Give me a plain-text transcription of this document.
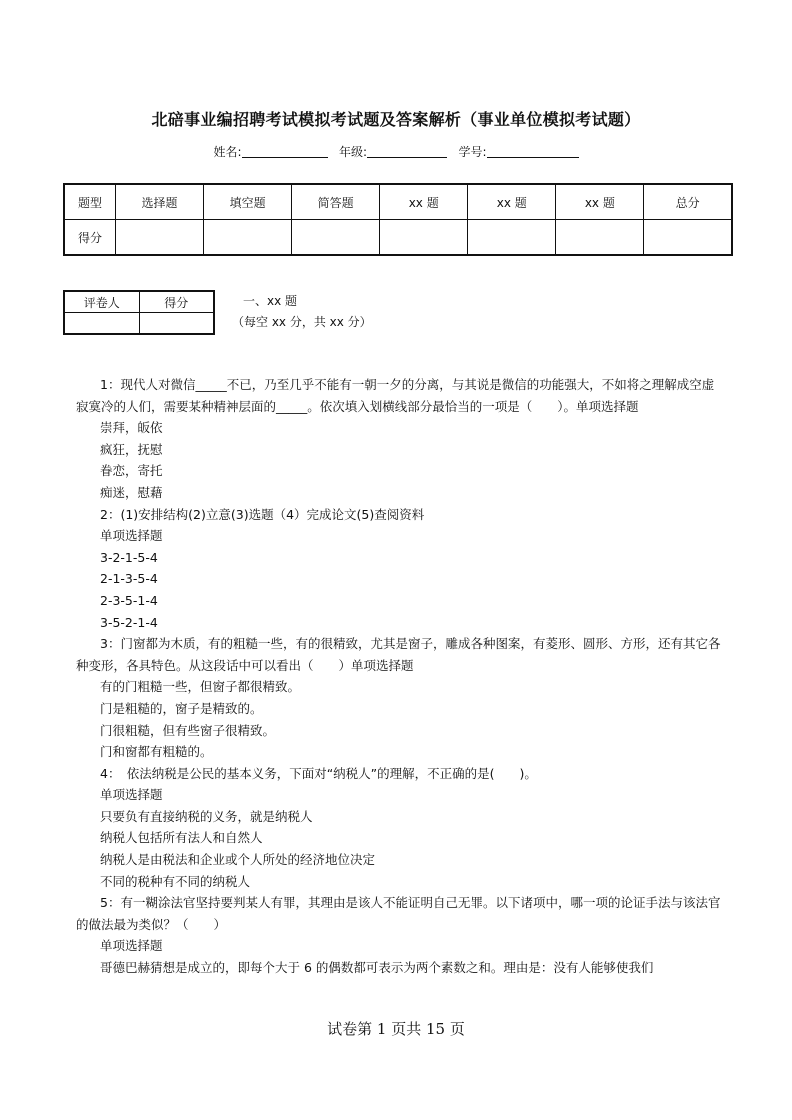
北碚事业编招聘考试模拟考试题及答案解析（事业单位模拟考试题）
姓名:	年级:	学号:
题型	选择题	填空题	简答题	xx 题	xx 题	xx 题	总分
得分							
评卷人	得分
		一、xx 题
（每空 xx 分，共 xx 分）

1：现代人对微信_____不已，乃至几乎不能有一朝一夕的分离，与其说是微信的功能强大，不如将之理解成空虚寂寞冷的人们，需要某种精神层面的_____。依次填入划横线部分最恰当的一项是（　　）。单项选择题

崇拜，皈依

疯狂，抚慰

眷恋，寄托

痴迷，慰藉

2：(1)安排结构(2)立意(3)选题（4）完成论文(5)查阅资料

单项选择题

3-2-1-5-4

2-1-3-5-4

2-3-5-1-4

3-5-2-1-4

3：门窗都为木质，有的粗糙一些，有的很精致，尤其是窗子，雕成各种图案，有菱形、圆形、方形，还有其它各种变形，各具特色。从这段话中可以看出（　　）单项选择题

有的门粗糙一些，但窗子都很精致。

门是粗糙的，窗子是精致的。

门很粗糙，但有些窗子很精致。

门和窗都有粗糙的。

4：　依法纳税是公民的基本义务，下面对“纳税人”的理解，不正确的是(　　)。

单项选择题

只要负有直接纳税的义务，就是纳税人

纳税人包括所有法人和自然人

纳税人是由税法和企业或个人所处的经济地位决定

不同的税种有不同的纳税人

5：有一糊涂法官坚持要判某人有罪，其理由是该人不能证明自己无罪。以下诸项中，哪一项的论证手法与该法官的做法最为类似？（　　）

单项选择题

哥德巴赫猜想是成立的，即每个大于 6 的偶数都可表示为两个素数之和。理由是：没有人能够使我们

试卷第 1 页共 15 页
